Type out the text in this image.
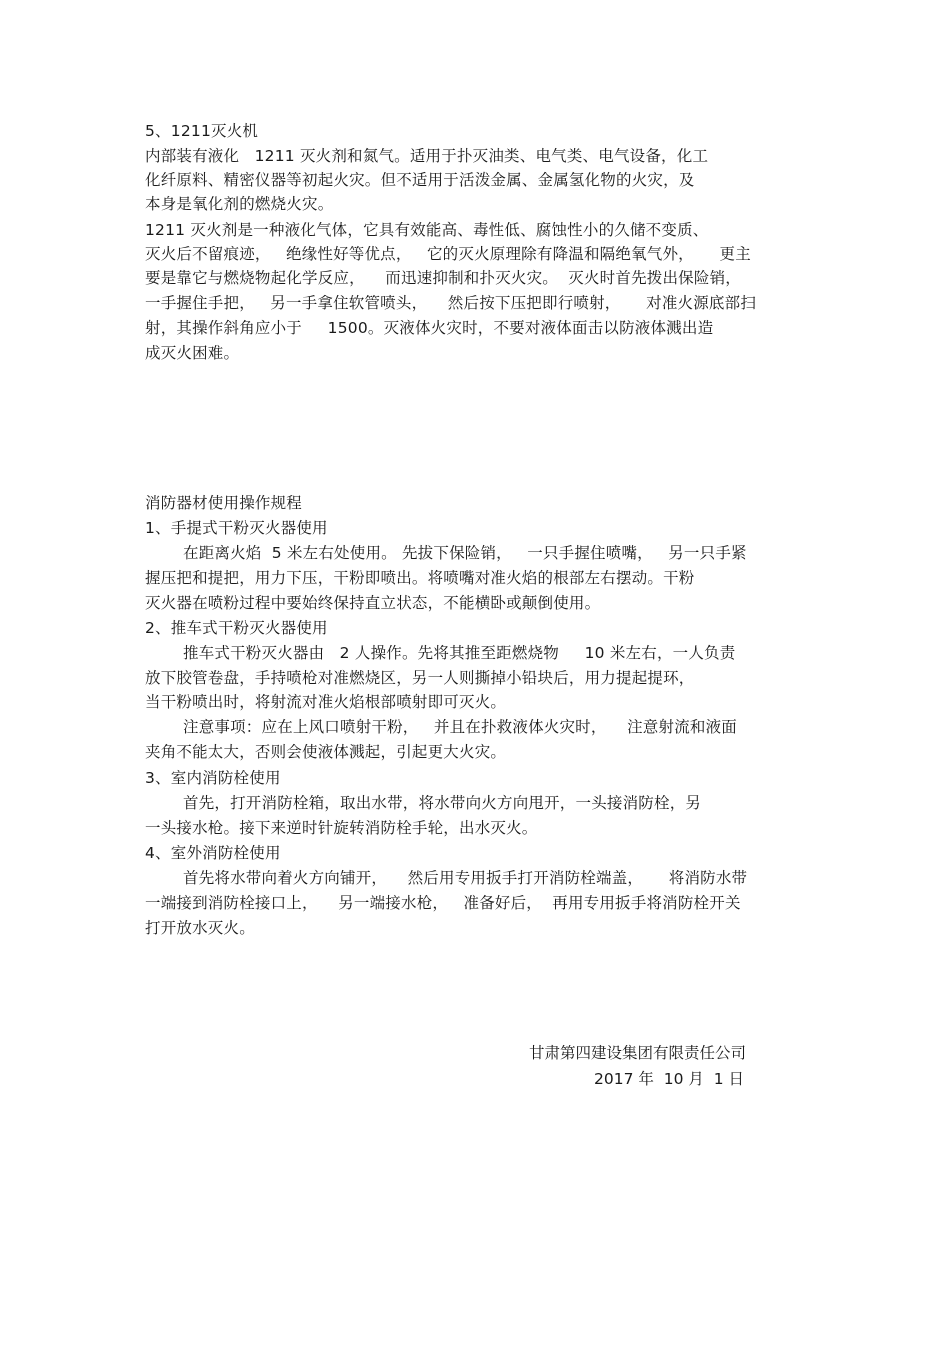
5、1211灭火机
内部装有液化   1211 灭火剂和氮气。适用于扑灭油类、电气类、电气设备，化工
化纤原料、精密仪器等初起火灾。但不适用于活泼金属、金属氢化物的火灾，及
本身是氧化剂的燃烧火灾。
1211 灭火剂是一种液化气体，它具有效能高、毒性低、腐蚀性小的久储不变质、
灭火后不留痕迹，   绝缘性好等优点，   它的灭火原理除有降温和隔绝氧气外，     更主
要是靠它与燃烧物起化学反应，    而迅速抑制和扑灭火灾。  灭火时首先拨出保险销，
一手握住手把，   另一手拿住软管喷头，    然后按下压把即行喷射，     对准火源底部扫
射，其操作斜角应小于     1500。灭液体火灾时，不要对液体面击以防液体溅出造
成灭火困难。
消防器材使用操作规程
1、手提式干粉灭火器使用
在距离火焰  5 米左右处使用。 先拔下保险销，   一只手握住喷嘴，   另一只手紧
握压把和提把，用力下压，干粉即喷出。将喷嘴对准火焰的根部左右摆动。干粉
灭火器在喷粉过程中要始终保持直立状态，不能横卧或颠倒使用。
2、推车式干粉灭火器使用
推车式干粉灭火器由   2 人操作。先将其推至距燃烧物     10 米左右，一人负责
放下胶管卷盘，手持喷枪对准燃烧区，另一人则撕掉小铅块后，用力提起提环，
当干粉喷出时，将射流对准火焰根部喷射即可灭火。
注意事项：应在上风口喷射干粉，   并且在扑救液体火灾时，    注意射流和液面
夹角不能太大，否则会使液体溅起，引起更大火灾。
3、室内消防栓使用
首先，打开消防栓箱，取出水带，将水带向火方向甩开，一头接消防栓，另
一头接水枪。接下来逆时针旋转消防栓手轮，出水灭火。
4、室外消防栓使用
首先将水带向着火方向铺开，    然后用专用扳手打开消防栓端盖，     将消防水带
一端接到消防栓接口上，    另一端接水枪，   准备好后，  再用专用扳手将消防栓开关
打开放水灭火。
甘肃第四建设集团有限责任公司
2017 年  10 月  1 日
